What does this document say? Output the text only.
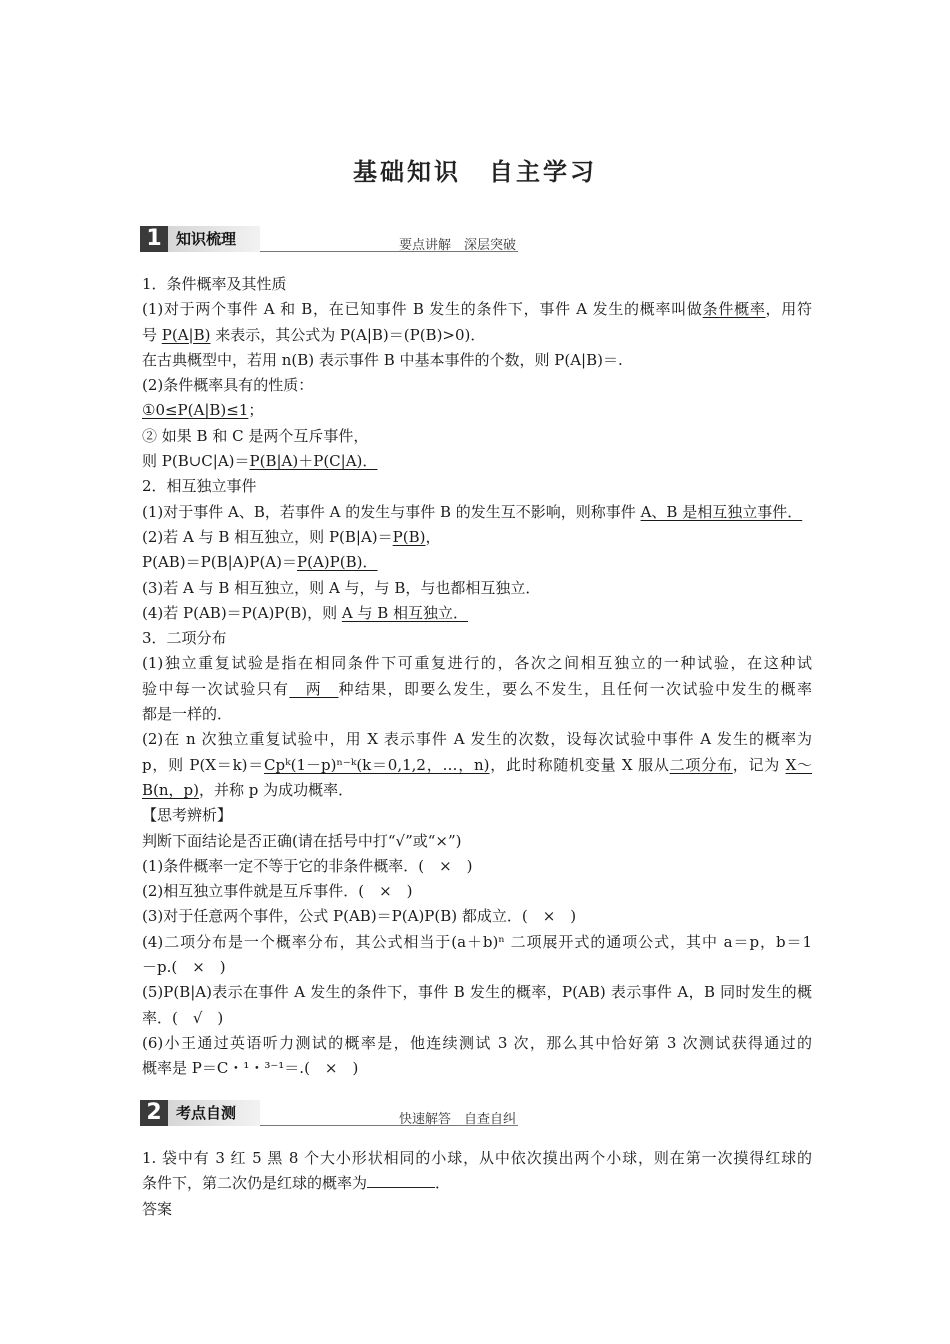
基础知识 自主学习
1 知识梳理	要点讲解　深层突破

1．条件概率及其性质

(1)对于两个事件 A 和 B，在已知事件 B 发生的条件下，事件 A 发生的概率叫做条件概率，用符

号 P(A|B) 来表示，其公式为 P(A|B)＝(P(B)>0)．

在古典概型中，若用 n(B) 表示事件 B 中基本事件的个数，则 P(A|B)＝.

(2)条件概率具有的性质：

①0≤P(A|B)≤1；

② 如果 B 和 C 是两个互斥事件，

则 P(B∪C|A)＝P(B|A)＋P(C|A)．

2．相互独立事件

(1)对于事件 A、B，若事件 A 的发生与事件 B 的发生互不影响，则称事件 A、B 是相互独立事件．

(2)若 A 与 B 相互独立，则 P(B|A)＝P(B)，

P(AB)＝P(B|A)P(A)＝P(A)P(B)．

(3)若 A 与 B 相互独立，则 A 与，与 B，与也都相互独立．

(4)若 P(AB)＝P(A)P(B)，则 A 与 B 相互独立．

3．二项分布

(1)独立重复试验是指在相同条件下可重复进行的，各次之间相互独立的一种试验，在这种试

验中每一次试验只有　两　种结果，即要么发生，要么不发生，且任何一次试验中发生的概率

都是一样的．

(2)在 n 次独立重复试验中，用 X 表示事件 A 发生的次数，设每次试验中事件 A 发生的概率为

p，则 P(X＝k)＝Cpᵏ(1－p)ⁿ⁻ᵏ(k＝0,1,2，…，n)，此时称随机变量 X 服从二项分布，记为 X～

B(n，p)，并称 p 为成功概率．

【思考辨析】

判断下面结论是否正确(请在括号中打“√”或“×”)

(1)条件概率一定不等于它的非条件概率．(　×　)

(2)相互独立事件就是互斥事件．(　×　)

(3)对于任意两个事件，公式 P(AB)＝P(A)P(B) 都成立．(　×　)

(4)二项分布是一个概率分布，其公式相当于(a＋b)ⁿ 二项展开式的通项公式，其中 a＝p，b＝1

－p.(　×　)

(5)P(B|A)表示在事件 A 发生的条件下，事件 B 发生的概率，P(AB) 表示事件 A，B 同时发生的概

率．(　√　)

(6)小王通过英语听力测试的概率是，他连续测试 3 次，那么其中恰好第 3 次测试获得通过的

概率是 P＝C・¹・³⁻¹＝.(　×　)

2 考点自测	快速解答　自查自纠

1. 袋中有 3 红 5 黑 8 个大小形状相同的小球，从中依次摸出两个小球，则在第一次摸得红球的

条件下，第二次仍是红球的概率为	．

答案
